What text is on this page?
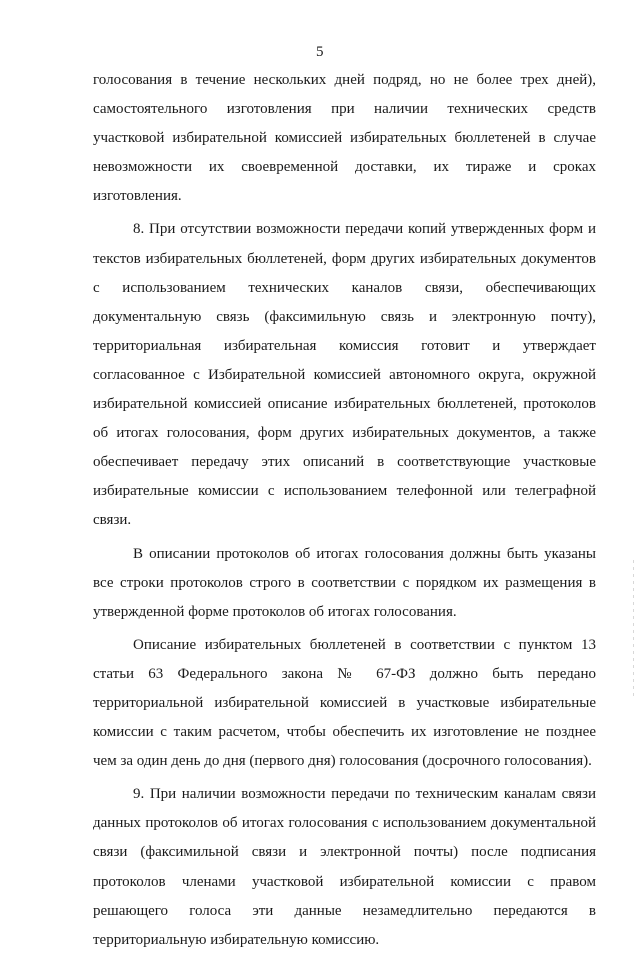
5

голосования в течение нескольких дней подряд, но не более трех дней),
самостоятельного изготовления при наличии технических средств
участковой избирательной комиссией избирательных бюллетеней в случае
невозможности их своевременной доставки, их тираже и сроках
изготовления.

8. При отсутствии возможности передачи копий утвержденных форм и
текстов избирательных бюллетеней, форм других избирательных документов
с использованием технических каналов связи, обеспечивающих
документальную связь (факсимильную связь и электронную почту),
территориальная избирательная комиссия готовит и утверждает
согласованное с Избирательной комиссией автономного округа, окружной
избирательной комиссией описание избирательных бюллетеней, протоколов
об итогах голосования, форм других избирательных документов, а также
обеспечивает передачу этих описаний в соответствующие участковые
избирательные комиссии с использованием телефонной или телеграфной
связи.

В описании протоколов об итогах голосования должны быть указаны
все строки протоколов строго в соответствии с порядком их размещения в
утвержденной форме протоколов об итогах голосования.

Описание избирательных бюллетеней в соответствии с пунктом 13
статьи 63 Федерального закона № 67-ФЗ должно быть передано
территориальной избирательной комиссией в участковые избирательные
комиссии с таким расчетом, чтобы обеспечить их изготовление не позднее
чем за один день до дня (первого дня) голосования (досрочного голосования).

9. При наличии возможности передачи по техническим каналам связи
данных протоколов об итогах голосования с использованием документальной
связи (факсимильной связи и электронной почты) после подписания
протоколов членами участковой избирательной комиссии с правом
решающего голоса эти данные незамедлительно передаются в
территориальную избирательную комиссию.
